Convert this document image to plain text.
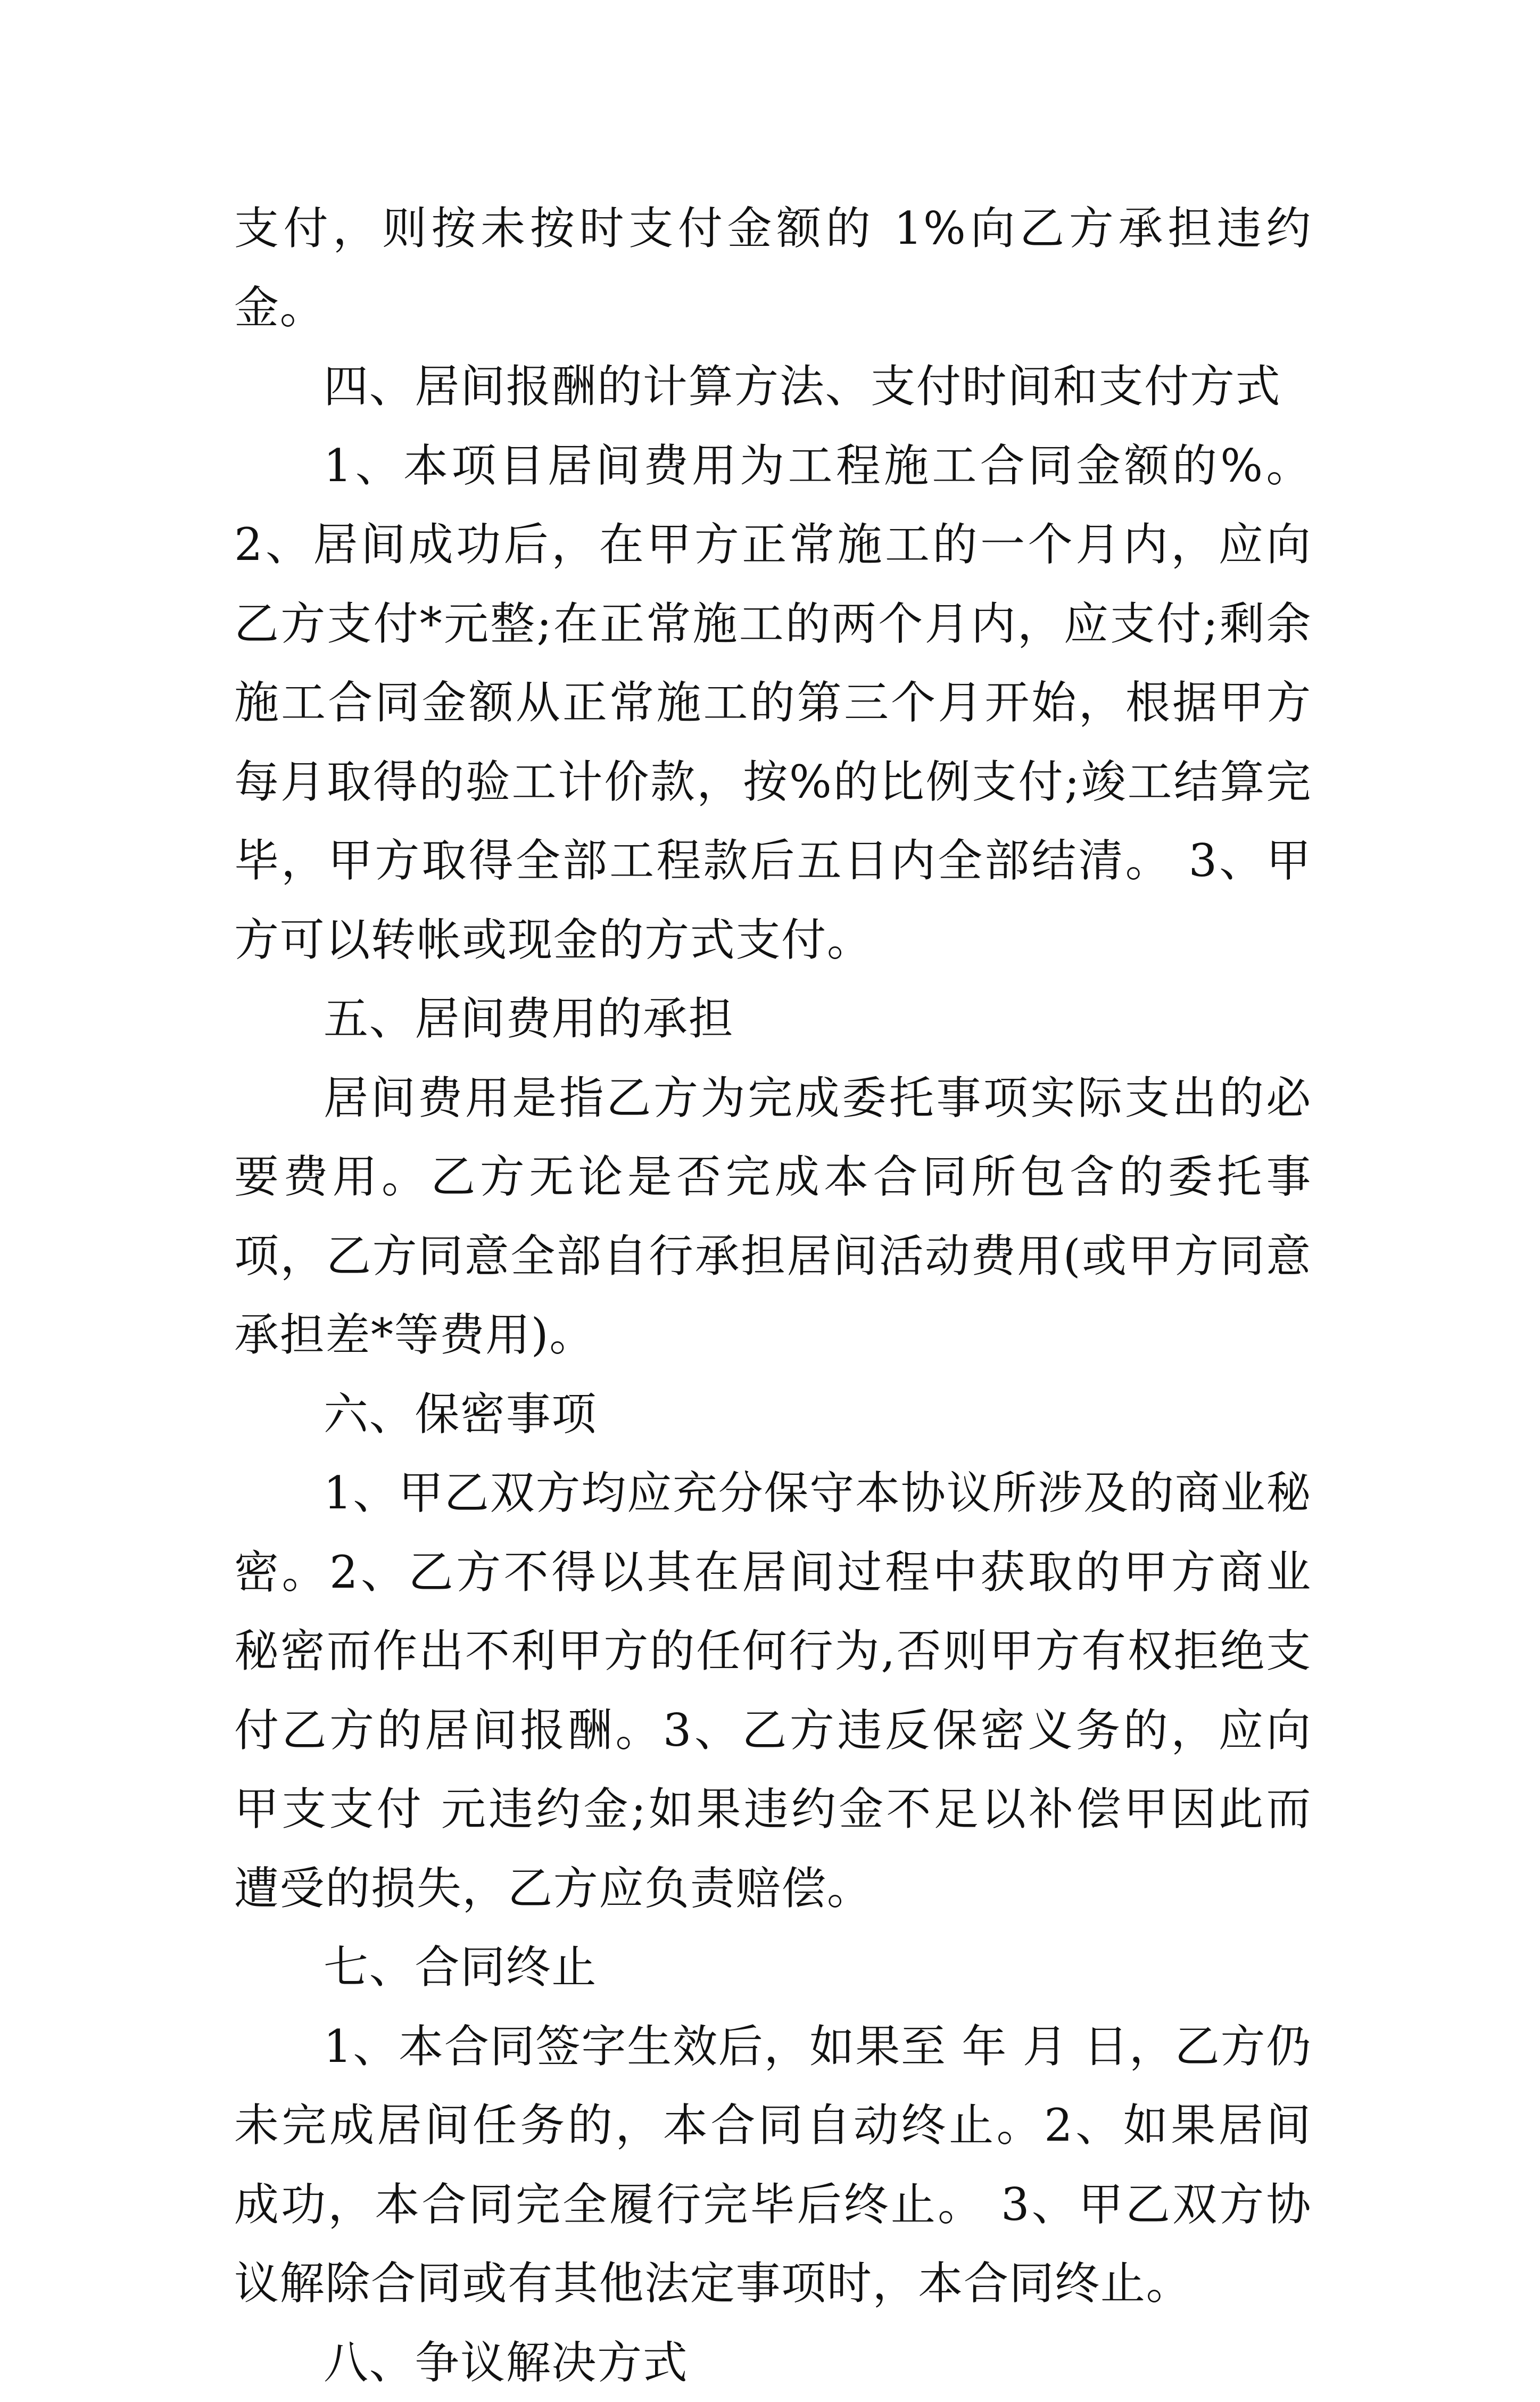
支付，则按未按时支付金额的 1%向乙方承担违约金。

四、居间报酬的计算方法、支付时间和支付方式

1、本项目居间费用为工程施工合同金额的%。 2、居间成功后，在甲方正常施工的一个月内，应向乙方支付*元整;在正常施工的两个月内，应支付;剩余施工合同金额从正常施工的第三个月开始，根据甲方每月取得的验工计价款，按%的比例支付;竣工结算完毕，甲方取得全部工程款后五日内全部结清。 3、甲方可以转帐或现金的方式支付。

五、居间费用的承担

居间费用是指乙方为完成委托事项实际支出的必要费用。乙方无论是否完成本合同所包含的委托事项，乙方同意全部自行承担居间活动费用(或甲方同意承担差*等费用)。

六、保密事项

1、甲乙双方均应充分保守本协议所涉及的商业秘密。2、乙方不得以其在居间过程中获取的甲方商业秘密而作出不利甲方的任何行为,否则甲方有权拒绝支付乙方的居间报酬。3、乙方违反保密义务的，应向甲支支付 元违约金;如果违约金不足以补偿甲因此而遭受的损失，乙方应负责赔偿。

七、合同终止

1、本合同签字生效后，如果至 年 月 日，乙方仍未完成居间任务的，本合同自动终止。2、如果居间成功，本合同完全履行完毕后终止。 3、甲乙双方协议解除合同或有其他法定事项时，本合同终止。

八、争议解决方式
